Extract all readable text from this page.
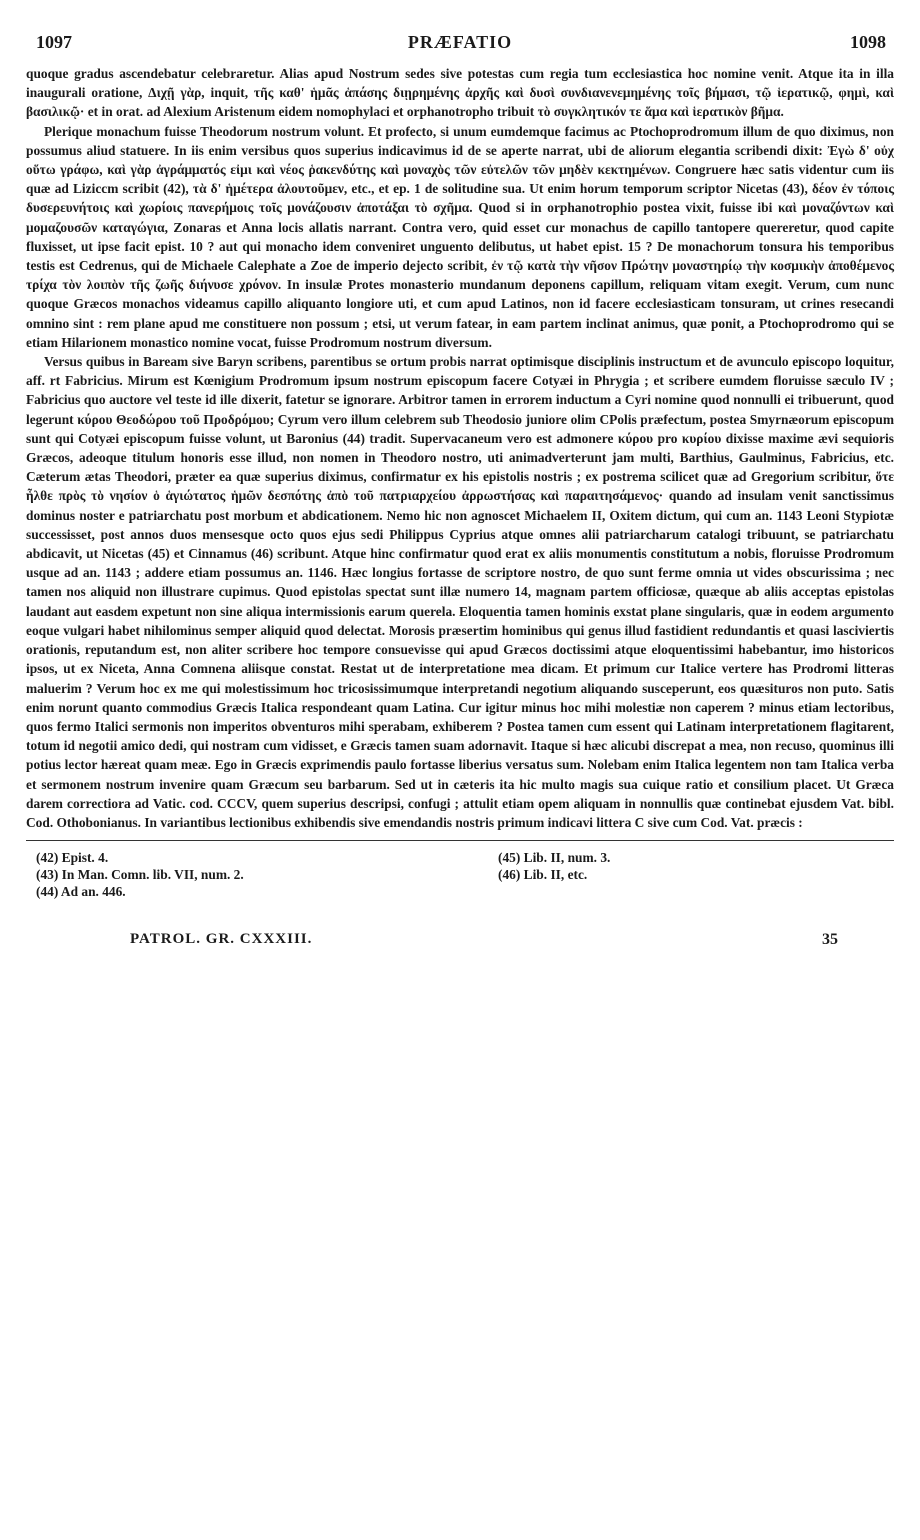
1097	PRÆFATIO	1098

quoque gradus ascendebatur celebraretur. Alias apud Nostrum sedes sive potestas cum regia tum ecclesiastica hoc nomine venit. Atque ita in illa inaugurali oratione, Διχῇ γὰρ, inquit, τῆς καθ' ἡμᾶς ἁπάσης διῃρημένης ἀρχῆς καὶ δυσὶ συνδιανενεμημένης τοῖς βήμασι, τῷ ἱερατικῷ, φημὶ, καὶ βασιλικῷ· et in orat. ad Alexium Aristenum eidem nomophylaci et orphanotropho tribuit τὸ συγκλητικόν τε ἅμα καὶ ἱερατικὸν βῆμα.

Plerique monachum fuisse Theodorum nostrum volunt. Et profecto, si unum eumdemque facimus ac Ptochoprodromum illum de quo diximus, non possumus aliud statuere. In iis enim versibus quos superius indicavimus id de se aperte narrat, ubi de aliorum elegantia scribendi dixit: Ἐγὼ δ' οὐχ οὕτω γράφω, καὶ γὰρ ἀγράμματός εἰμι καὶ νέος ῥακενδύτης καὶ μοναχὸς τῶν εὐτελῶν τῶν μηδὲν κεκτημένων. Congruere hæc satis videntur cum iis quæ ad Liziccm scribit (42), τὰ δ' ἡμέτερα ἀλουτοῦμεν, etc., et ep. 1 de solitudine sua. Ut enim horum temporum scriptor Nicetas (43), δέον ἐν τόποις δυσερευνήτοις καὶ χωρίοις πανερήμοις τοῖς μονάζουσιν ἀποτάξαι τὸ σχῆμα. Quod si in orphanotrophio postea vixit, fuisse ibi καὶ μοναζόντων καὶ μομαζουσῶν καταγώγια, Zonaras et Anna locis allatis narrant. Contra vero, quid esset cur monachus de capillo tantopere quereretur, quod capite fluxisset, ut ipse facit epist. 10 ? aut qui monacho idem conveniret unguento delibutus, ut habet epist. 15 ? De monachorum tonsura his temporibus testis est Cedrenus, qui de Michaele Calephate a Zoe de imperio dejecto scribit, ἐν τῷ κατὰ τὴν νῆσον Πρώτην μοναστηρίῳ τὴν κοσμικὴν ἀποθέμενος τρίχα τὸν λοιπὸν τῆς ζωῆς διήνυσε χρόνον. In insulæ Protes monasterio mundanum deponens capillum, reliquam vitam exegit. Verum, cum nunc quoque Græcos monachos videamus capillo aliquanto longiore uti, et cum apud Latinos, non id facere ecclesiasticam tonsuram, ut crines resecandi omnino sint : rem plane apud me constituere non possum ; etsi, ut verum fatear, in eam partem inclinat animus, quæ ponit, a Ptochoprodromo qui se etiam Hilarionem monastico nomine vocat, fuisse Prodromum nostrum diversum.

Versus quibus in Baream sive Baryn scribens, parentibus se ortum probis narrat optimisque disciplinis instructum et de avunculo episcopo loquitur, aff. rt Fabricius. Mirum est Kœnigium Prodromum ipsum nostrum episcopum facere Cotyæi in Phrygia ; et scribere eumdem floruisse sæculo IV ; Fabricius quo auctore vel teste id ille dixerit, fatetur se ignorare. Arbitror tamen in errorem inductum a Cyri nomine quod nonnulli ei tribuerunt, quod legerunt κύρου Θεοδώρου τοῦ Προδρόμου; Cyrum vero illum celebrem sub Theodosio juniore olim CPolis præfectum, postea Smyrnæorum episcopum sunt qui Cotyæi episcopum fuisse volunt, ut Baronius (44) tradit. Supervacaneum vero est admonere κύρου pro κυρίου dixisse maxime ævi sequioris Græcos, adeoque titulum honoris esse illud, non nomen in Theodoro nostro, uti animadverterunt jam multi, Barthius, Gaulminus, Fabricius, etc. Cæterum ætas Theodori, præter ea quæ superius diximus, confirmatur ex his epistolis nostris ; ex postrema scilicet quæ ad Gregorium scribitur, ὅτε ἦλθε πρὸς τὸ νησίον ὁ ἁγιώτατος ἡμῶν δεσπότης ἀπὸ τοῦ πατριαρχείου ἀρρωστήσας καὶ παραιτησάμενος· quando ad insulam venit sanctissimus dominus noster e patriarchatu post morbum et abdicationem. Nemo hic non agnoscet Michaelem II, Oxitem dictum, qui cum an. 1143 Leoni Stypiotæ successisset, post annos duos mensesque octo quos ejus sedi Philippus Cyprius atque omnes alii patriarcharum catalogi tribuunt, se patriarchatu abdicavit, ut Nicetas (45) et Cinnamus (46) scribunt. Atque hinc confirmatur quod erat ex aliis monumentis constitutum a nobis, floruisse Prodromum usque ad an. 1143 ; addere etiam possumus an. 1146. Hæc longius fortasse de scriptore nostro, de quo sunt ferme omnia ut vides obscurissima ; nec tamen nos aliquid non illustrare cupimus. Quod epistolas spectat sunt illæ numero 14, magnam partem officiosæ, quæque ab aliis acceptas epistolas laudant aut easdem expetunt non sine aliqua intermissionis earum querela. Eloquentia tamen hominis exstat plane singularis, quæ in eodem argumento eoque vulgari habet nihilominus semper aliquid quod delectat. Morosis præsertim hominibus qui genus illud fastidient redundantis et quasi lasciviertis orationis, reputandum est, non aliter scribere hoc tempore consuevisse qui apud Græcos doctissimi atque eloquentissimi habebantur, imo historicos ipsos, ut ex Niceta, Anna Comnena aliisque constat. Restat ut de interpretatione mea dicam. Et primum cur Italice vertere has Prodromi litteras maluerim ? Verum hoc ex me qui molestissimum hoc tricosissimumque interpretandi negotium aliquando susceperunt, eos quæsituros non puto. Satis enim norunt quanto commodius Græcis Italica respondeant quam Latina. Cur igitur minus hoc mihi molestiæ non caperem ? minus etiam lectoribus, quos fermo Italici sermonis non imperitos obventuros mihi sperabam, exhiberem ? Postea tamen cum essent qui Latinam interpretationem flagitarent, totum id negotii amico dedi, qui nostram cum vidisset, e Græcis tamen suam adornavit. Itaque si hæc alicubi discrepat a mea, non recuso, quominus illi potius lector hæreat quam meæ. Ego in Græcis exprimendis paulo fortasse liberius versatus sum. Nolebam enim Italica legentem non tam Italica verba et sermonem nostrum invenire quam Græcum seu barbarum. Sed ut in cæteris ita hic multo magis sua cuique ratio et consilium placet. Ut Græca darem correctiora ad Vatic. cod. CCCV, quem superius descripsi, confugi ; attulit etiam opem aliquam in nonnullis quæ continebat ejusdem Vat. bibl. Cod. Othobonianus. In variantibus lectionibus exhibendis sive emendandis nostris primum indicavi littera C sive cum Cod. Vat. præcis :

(42) Epist. 4.
(43) In Man. Comn. lib. VII, num. 2.
(44) Ad an. 446.
(45) Lib. II, num. 3.
(46) Lib. II, etc.
PATROL. GR. CXXXIII.	35
